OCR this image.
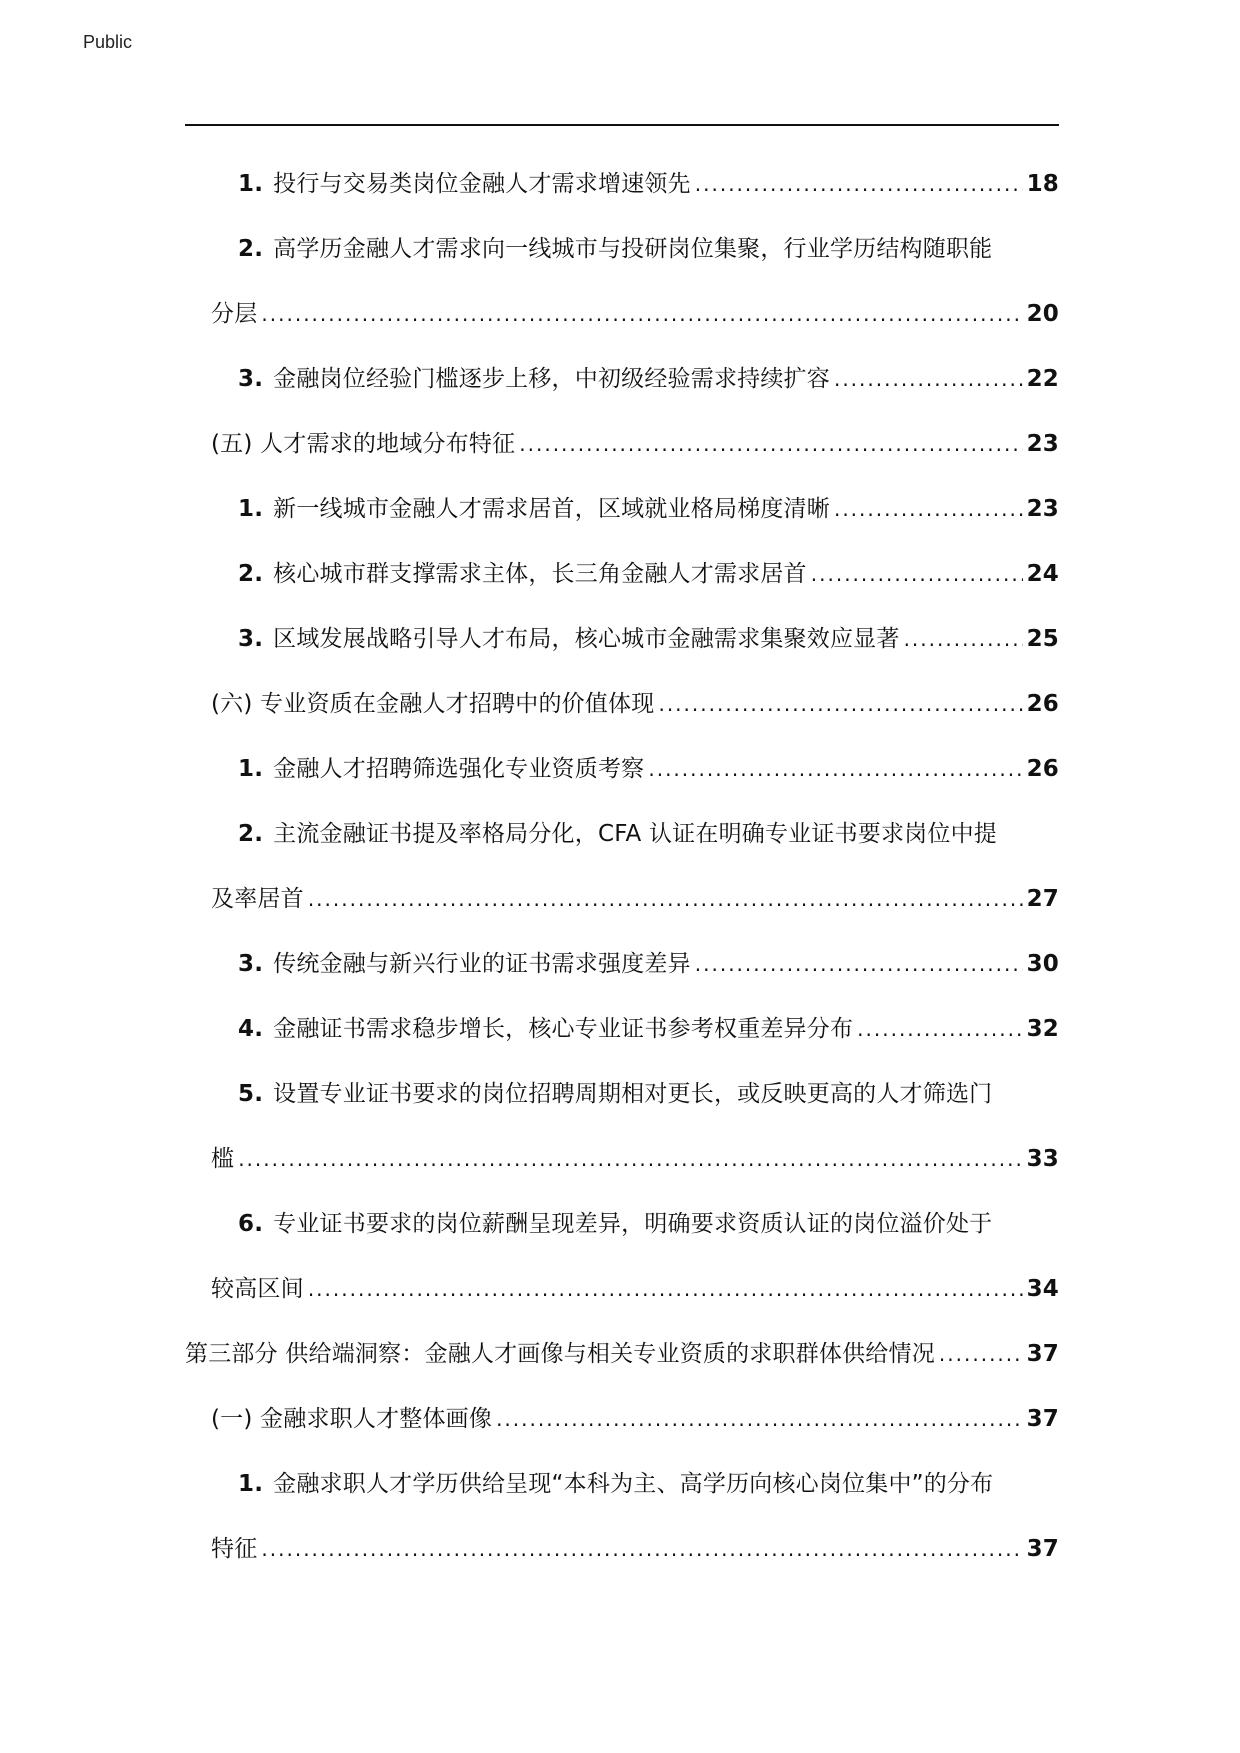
Public
1. 投行与交易类岗位金融人才需求增速领先 .....	18
2. 高学历金融人才需求向一线城市与投研岗位集聚，行业学历结构随职能
分层 .....	20
3. 金融岗位经验门槛逐步上移，中初级经验需求持续扩容 .....	22
(五) 人才需求的地域分布特征 .....	23
1. 新一线城市金融人才需求居首，区域就业格局梯度清晰 .....	23
2. 核心城市群支撑需求主体，长三角金融人才需求居首 .....	24
3. 区域发展战略引导人才布局，核心城市金融需求集聚效应显著 .....	25
(六) 专业资质在金融人才招聘中的价值体现 .....	26
1. 金融人才招聘筛选强化专业资质考察 .....	26
2. 主流金融证书提及率格局分化，CFA 认证在明确专业证书要求岗位中提
及率居首 .....	27
3. 传统金融与新兴行业的证书需求强度差异 .....	30
4. 金融证书需求稳步增长，核心专业证书参考权重差异分布 .....	32
5. 设置专业证书要求的岗位招聘周期相对更长，或反映更高的人才筛选门
槛 .....	33
6. 专业证书要求的岗位薪酬呈现差异，明确要求资质认证的岗位溢价处于
较高区间 .....	34
第三部分 供给端洞察：金融人才画像与相关专业资质的求职群体供给情况 .....	37
(一) 金融求职人才整体画像 .....	37
1. 金融求职人才学历供给呈现“本科为主、高学历向核心岗位集中”的分布
特征 .....	37
